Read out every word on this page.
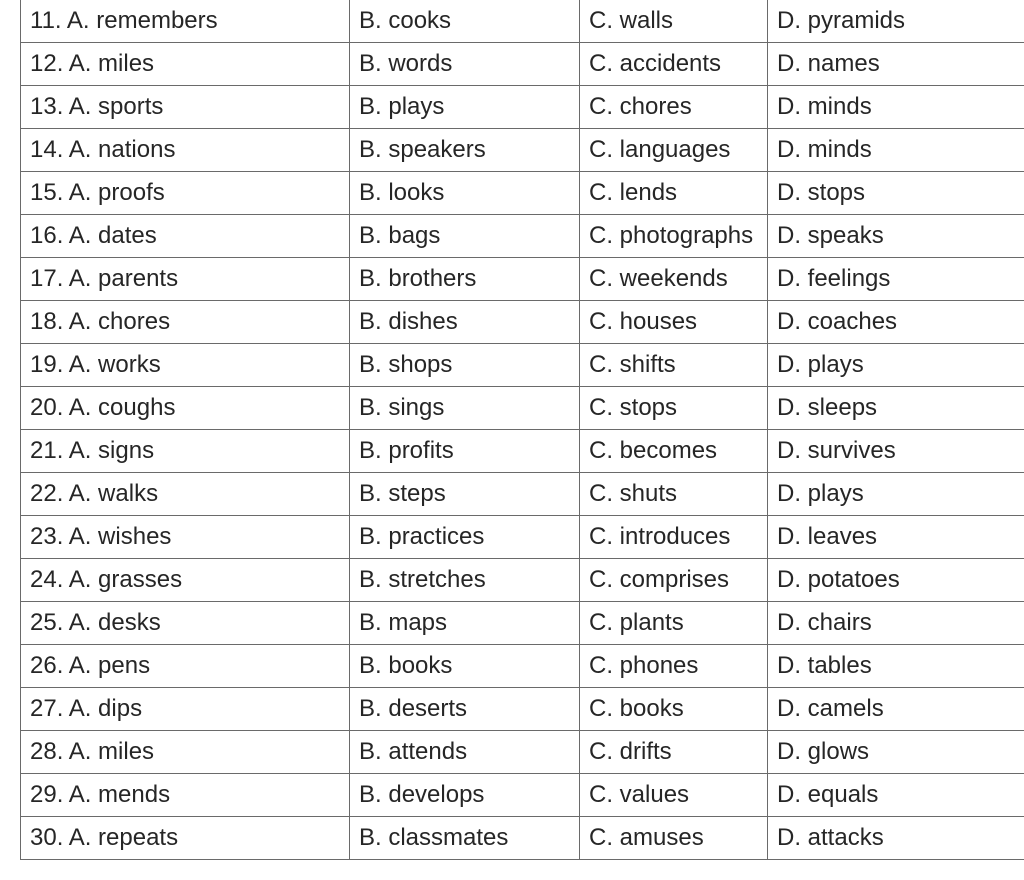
11. A. remembers	B. cooks	C. walls	D. pyramids
12. A. miles	B. words	C. accidents	D. names
13. A. sports	B. plays	C. chores	D. minds
14. A. nations	B. speakers	C. languages	D. minds
15. A. proofs	B. looks	C. lends	D. stops
16. A. dates	B. bags	C. photographs	D. speaks
17. A. parents	B. brothers	C. weekends	D. feelings
18. A. chores	B. dishes	C. houses	D. coaches
19. A. works	B. shops	C. shifts	D. plays
20. A. coughs	B. sings	C. stops	D. sleeps
21. A. signs	B. profits	C. becomes	D. survives
22. A. walks	B. steps	C. shuts	D. plays
23. A. wishes	B. practices	C. introduces	D. leaves
24. A. grasses	B. stretches	C. comprises	D. potatoes
25. A. desks	B. maps	C. plants	D. chairs
26. A. pens	B. books	C. phones	D. tables
27. A. dips	B. deserts	C. books	D. camels
28. A. miles	B. attends	C. drifts	D. glows
29. A. mends	B. develops	C. values	D. equals
30. A. repeats	B. classmates	C. amuses	D. attacks
